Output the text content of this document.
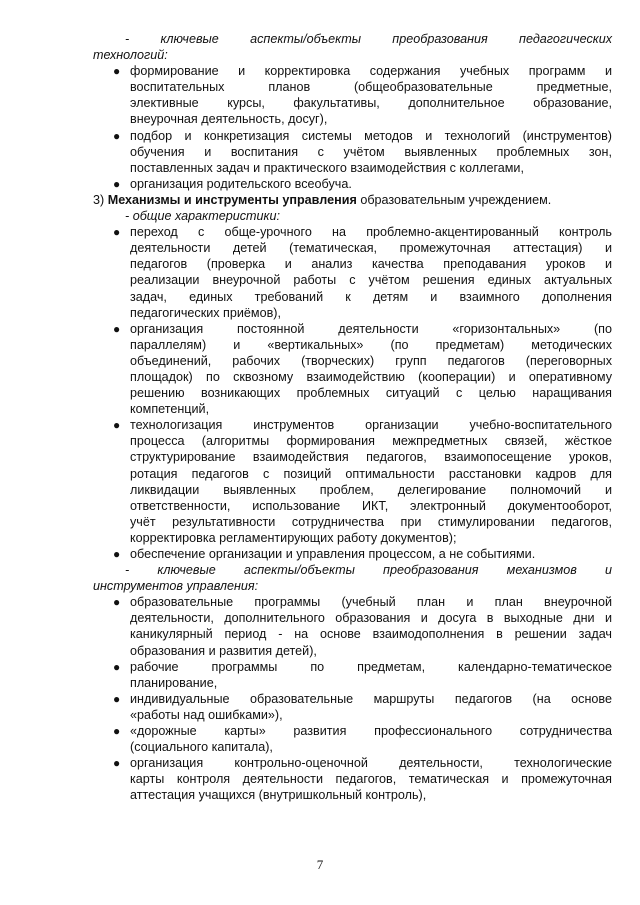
- ключевые аспекты/объекты преобразования педагогических

технологий:

● формирование и корректировка содержания учебных программ и
воспитательных планов (общеобразовательные предметные,
элективные курсы, факультативы, дополнительное образование,
внеурочная деятельность, досуг),
● подбор и конкретизация системы методов и технологий (инструментов)
обучения и воспитания с учётом выявленных проблемных зон,
поставленных задач и практического взаимодействия с коллегами,
● организация родительского всеобуча.

3) Механизмы и инструменты управления образовательным учреждением.

- общие характеристики:

● переход с обще-урочного на проблемно-акцентированный контроль
деятельности детей (тематическая, промежуточная аттестация) и
педагогов (проверка и анализ качества преподавания уроков и
реализации внеурочной работы с учётом решения единых актуальных
задач, единых требований к детям и взаимного дополнения
педагогических приёмов),
● организация постоянной деятельности «горизонтальных» (по
параллелям) и «вертикальных» (по предметам) методических
объединений, рабочих (творческих) групп педагогов (переговорных
площадок) по сквозному взаимодействию (кооперации) и оперативному
решению возникающих проблемных ситуаций с целью наращивания
компетенций,
● технологизация инструментов организации учебно-воспитательного
процесса (алгоритмы формирования межпредметных связей, жёсткое
структурирование взаимодействия педагогов, взаимопосещение уроков,
ротация педагогов с позиций оптимальности расстановки кадров для
ликвидации выявленных проблем, делегирование полномочий и
ответственности, использование ИКТ, электронный документооборот,
учёт результативности сотрудничества при стимулировании педагогов,
корректировка регламентирующих работу документов);
● обеспечение организации и управления процессом, а не событиями.

- ключевые аспекты/объекты преобразования механизмов и

инструментов управления:

● образовательные программы (учебный план и план внеурочной
деятельности, дополнительного образования и досуга в выходные дни и
каникулярный период - на основе взаимодополнения в решении задач
образования и развития детей),
● рабочие программы по предметам, календарно-тематическое
планирование,
● индивидуальные образовательные маршруты педагогов (на основе
«работы над ошибками»),
● «дорожные карты» развития профессионального сотрудничества
(социального капитала),
● организация контрольно-оценочной деятельности, технологические
карты контроля деятельности педагогов, тематическая и промежуточная
аттестация учащихся (внутришкольный контроль),
7
